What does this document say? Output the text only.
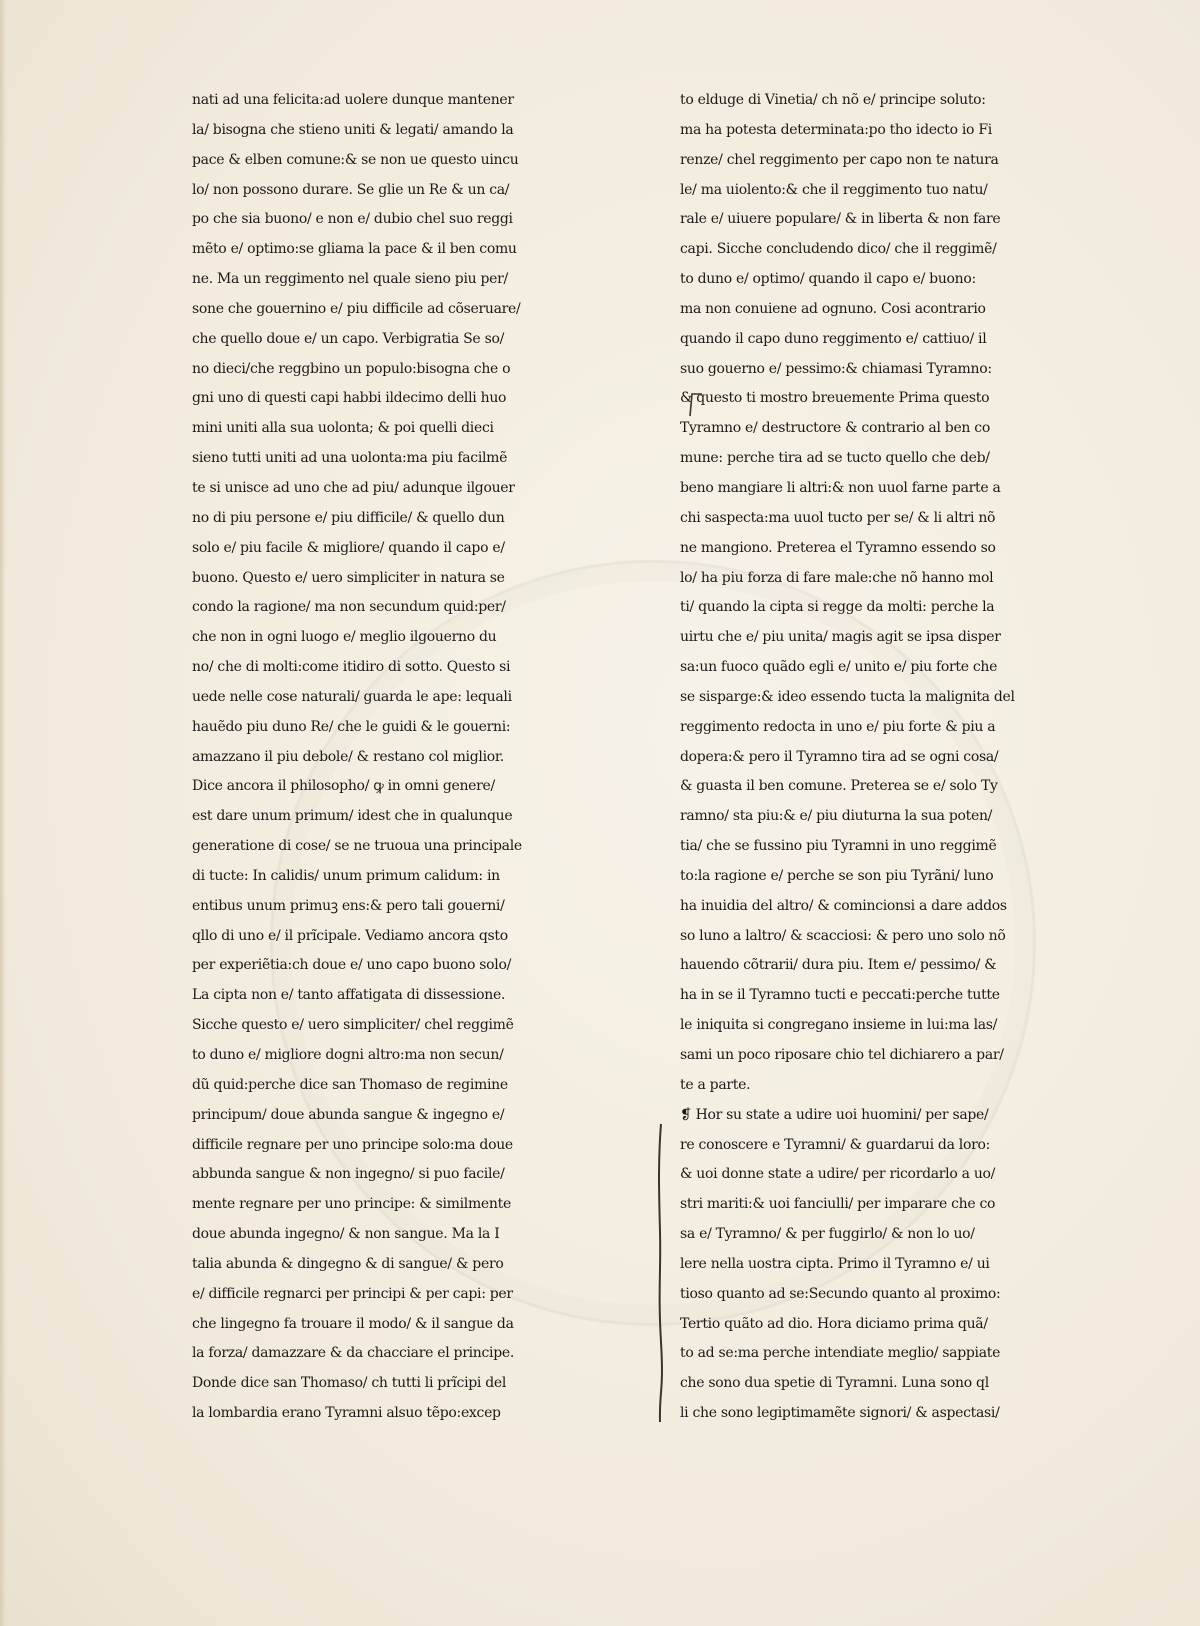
nati ad una felicita:ad uolere dunque mantener
la/ bisogna che stieno uniti & legati/ amando la
pace & elben comune:& se non ue questo uincu
lo/ non possono durare. Se glie un Re & un ca/
po che sia buono/ e non e/ dubio chel suo reggi
mẽto e/ optimo:se gliama la pace & il ben comu
ne. Ma un reggimento nel quale sieno piu per/
sone che gouernino e/ piu difficile ad cõseruare/
che quello doue e/ un capo. Verbigratia Se so/
no dieci/che reggbino un populo:bisogna che o
gni uno di questi capi habbi ildecimo delli huo
mini uniti alla sua uolonta; & poi quelli dieci
sieno tutti uniti ad una uolonta:ma piu facilmẽ
te si unisce ad uno che ad piu/ adunque ilgouer
no di piu persone e/ piu difficile/ & quello dun
solo e/ piu facile & migliore/ quando il capo e/
buono. Questo e/ uero simpliciter in natura se
condo la ragione/ ma non secundum quid:per/
che non in ogni luogo e/ meglio ilgouerno du
no/ che di molti:come itidiro di sotto. Questo si
uede nelle cose naturali/ guarda le ape: lequali
hauẽdo piu duno Re/ che le guidi & le gouerni:
amazzano il piu debole/ & restano col miglior.
Dice ancora il philosopho/ ꝙ in omni genere/
est dare unum primum/ idest che in qualunque
generatione di cose/ se ne truoua una principale
di tucte: In calidis/ unum primum calidum: in
entibus unum primuꝫ ens:& pero tali gouerni/
qllo di uno e/ il prĩcipale. Vediamo ancora qsto
per experiẽtia:ch doue e/ uno capo buono solo/
La cipta non e/ tanto affatigata di dissessione.
Sicche questo e/ uero simpliciter/ chel reggimẽ
to duno e/ migliore dogni altro:ma non secun/
dũ quid:perche dice san Thomaso de regimine
principum/ doue abunda sangue & ingegno e/
difficile regnare per uno principe solo:ma doue
abbunda sangue & non ingegno/ si puo facile/
mente regnare per uno principe: & similmente
doue abunda ingegno/ & non sangue. Ma la I
talia abunda & dingegno & di sangue/ & pero
e/ difficile regnarci per principi & per capi: per
che lingegno fa trouare il modo/ & il sangue da
la forza/ damazzare & da chacciare el principe.
Donde dice san Thomaso/ ch tutti li prĩcipi del
la lombardia erano Tyramni alsuo tẽpo:excep
to elduge di Vinetia/ ch nõ e/ principe soluto:
ma ha potesta determinata:po tho idecto io Fi
renze/ chel reggimento per capo non te natura
le/ ma uiolento:& che il reggimento tuo natu/
rale e/ uiuere populare/ & in liberta & non fare
capi. Sicche concludendo dico/ che il reggimẽ/
to duno e/ optimo/ quando il capo e/ buono:
ma non conuiene ad ognuno. Cosi acontrario
quando il capo duno reggimento e/ cattiuo/ il
suo gouerno e/ pessimo:& chiamasi Tyramno:
& questo ti mostro breuemente Prima questo
Tyramno e/ destructore & contrario al ben co
mune: perche tira ad se tucto quello che deb/
beno mangiare li altri:& non uuol farne parte a
chi saspecta:ma uuol tucto per se/ & li altri nõ
ne mangiono. Preterea el Tyramno essendo so
lo/ ha piu forza di fare male:che nõ hanno mol
ti/ quando la cipta si regge da molti: perche la
uirtu che e/ piu unita/ magis agit se ipsa disper
sa:un fuoco quãdo egli e/ unito e/ piu forte che
se sisparge:& ideo essendo tucta la malignita del
reggimento redocta in uno e/ piu forte & piu a
dopera:& pero il Tyramno tira ad se ogni cosa/
& guasta il ben comune. Preterea se e/ solo Ty
ramno/ sta piu:& e/ piu diuturna la sua poten/
tia/ che se fussino piu Tyramni in uno reggimẽ
to:la ragione e/ perche se son piu Tyrãni/ luno
ha inuidia del altro/ & comincionsi a dare addos
so luno a laltro/ & scacciosi: & pero uno solo nõ
hauendo cõtrarii/ dura piu. Item e/ pessimo/ &
ha in se il Tyramno tucti e peccati:perche tutte
le iniquita si congregano insieme in lui:ma las/
sami un poco riposare chio tel dichiarero a par/
te a parte.
❡ Hor su state a udire uoi huomini/ per sape/
re conoscere e Tyramni/ & guardarui da loro:
& uoi donne state a udire/ per ricordarlo a uo/
stri mariti:& uoi fanciulli/ per imparare che co
sa e/ Tyramno/ & per fuggirlo/ & non lo uo/
lere nella uostra cipta. Primo il Tyramno e/ ui
tioso quanto ad se:Secundo quanto al proximo:
Tertio quãto ad dio. Hora diciamo prima quã/
to ad se:ma perche intendiate meglio/ sappiate
che sono dua spetie di Tyramni. Luna sono ql
li che sono legiptimamẽte signori/ & aspectasi/
